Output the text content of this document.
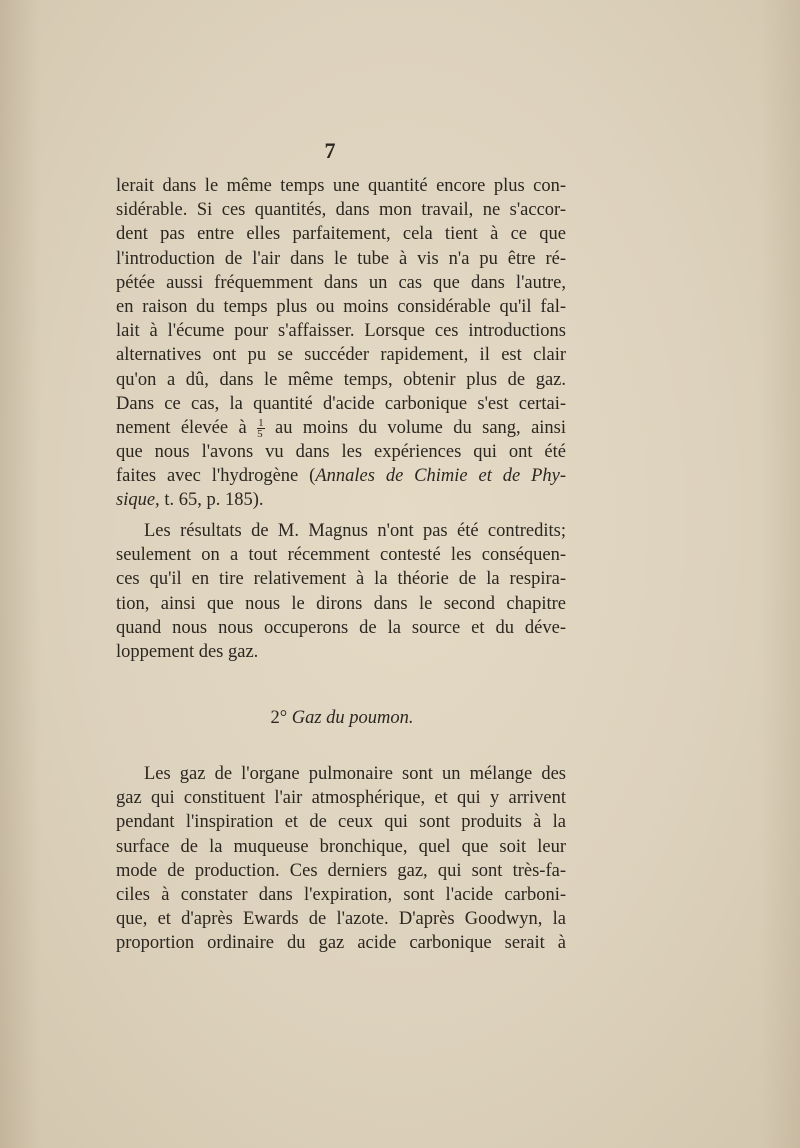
7
lerait dans le même temps une quantité encore plus con-
sidérable. Si ces quantités, dans mon travail, ne s'accor-
dent pas entre elles parfaitement, cela tient à ce que
l'introduction de l'air dans le tube à vis n'a pu être ré-
pétée aussi fréquemment dans un cas que dans l'autre,
en raison du temps plus ou moins considérable qu'il fal-
lait à l'écume pour s'affaisser. Lorsque ces introductions
alternatives ont pu se succéder rapidement, il est clair
qu'on a dû, dans le même temps, obtenir plus de gaz.
Dans ce cas, la quantité d'acide carbonique s'est certai-
nement élevée à $\frac{1}{5}$ au moins du volume du sang, ainsi
que nous l'avons vu dans les expériences qui ont été
faites avec l'hydrogène (Annales de Chimie et de Phy-
sique, t. 65, p. 185).
Les résultats de M. Magnus n'ont pas été contredits;
seulement on a tout récemment contesté les conséquen-
ces qu'il en tire relativement à la théorie de la respira-
tion, ainsi que nous le dirons dans le second chapitre
quand nous nous occuperons de la source et du déve-
loppement des gaz.
2° Gaz du poumon.
Les gaz de l'organe pulmonaire sont un mélange des
gaz qui constituent l'air atmosphérique, et qui y arrivent
pendant l'inspiration et de ceux qui sont produits à la
surface de la muqueuse bronchique, quel que soit leur
mode de production. Ces derniers gaz, qui sont très-fa-
ciles à constater dans l'expiration, sont l'acide carboni-
que, et d'après Ewards de l'azote. D'après Goodwyn, la
proportion ordinaire du gaz acide carbonique serait à
